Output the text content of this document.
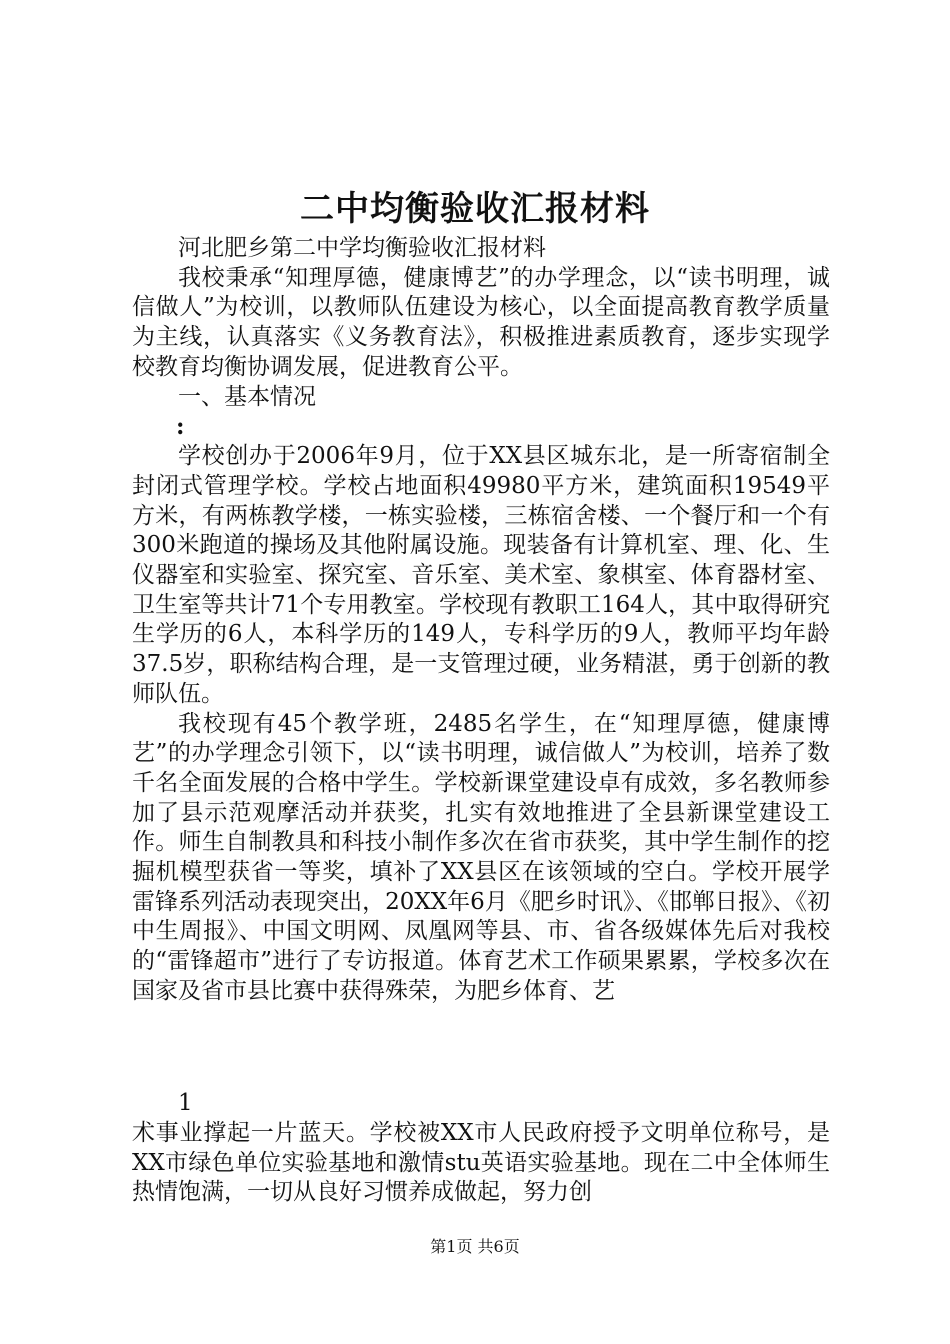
二中均衡验收汇报材料

河北肥乡第二中学均衡验收汇报材料

我校秉承“知理厚德，健康博艺”的办学理念，以“读书明理，诚信做人”为校训，以教师队伍建设为核心，以全面提高教育教学质量为主线，认真落实《义务教育法》，积极推进素质教育，逐步实现学校教育均衡协调发展，促进教育公平。

一、基本情况

:

学校创办于2006年9月，位于XX县区城东北，是一所寄宿制全封闭式管理学校。学校占地面积49980平方米，建筑面积19549平方米，有两栋教学楼，一栋实验楼，三栋宿舍楼、一个餐厅和一个有300米跑道的操场及其他附属设施。现装备有计算机室、理、化、生仪器室和实验室、探究室、音乐室、美术室、象棋室、体育器材室、卫生室等共计71个专用教室。学校现有教职工164人，其中取得研究生学历的6人，本科学历的149人，专科学历的9人，教师平均年龄37.5岁，职称结构合理，是一支管理过硬，业务精湛，勇于创新的教师队伍。

我校现有45个教学班，2485名学生，在“知理厚德，健康博艺”的办学理念引领下，以“读书明理，诚信做人”为校训，培养了数千名全面发展的合格中学生。学校新课堂建设卓有成效，多名教师参加了县示范观摩活动并获奖，扎实有效地推进了全县新课堂建设工作。师生自制教具和科技小制作多次在省市获奖，其中学生制作的挖掘机模型获省一等奖，填补了XX县区在该领域的空白。学校开展学雷锋系列活动表现突出，20XX年6月《肥乡时讯》、《邯郸日报》、《初中生周报》、中国文明网、凤凰网等县、市、省各级媒体先后对我校的“雷锋超市”进行了专访报道。体育艺术工作硕果累累，学校多次在国家及省市县比赛中获得殊荣，为肥乡体育、艺

1

术事业撑起一片蓝天。学校被XX市人民政府授予文明单位称号，是XX市绿色单位实验基地和激情stu英语实验基地。现在二中全体师生热情饱满，一切从良好习惯养成做起，努力创

第1页 共6页
